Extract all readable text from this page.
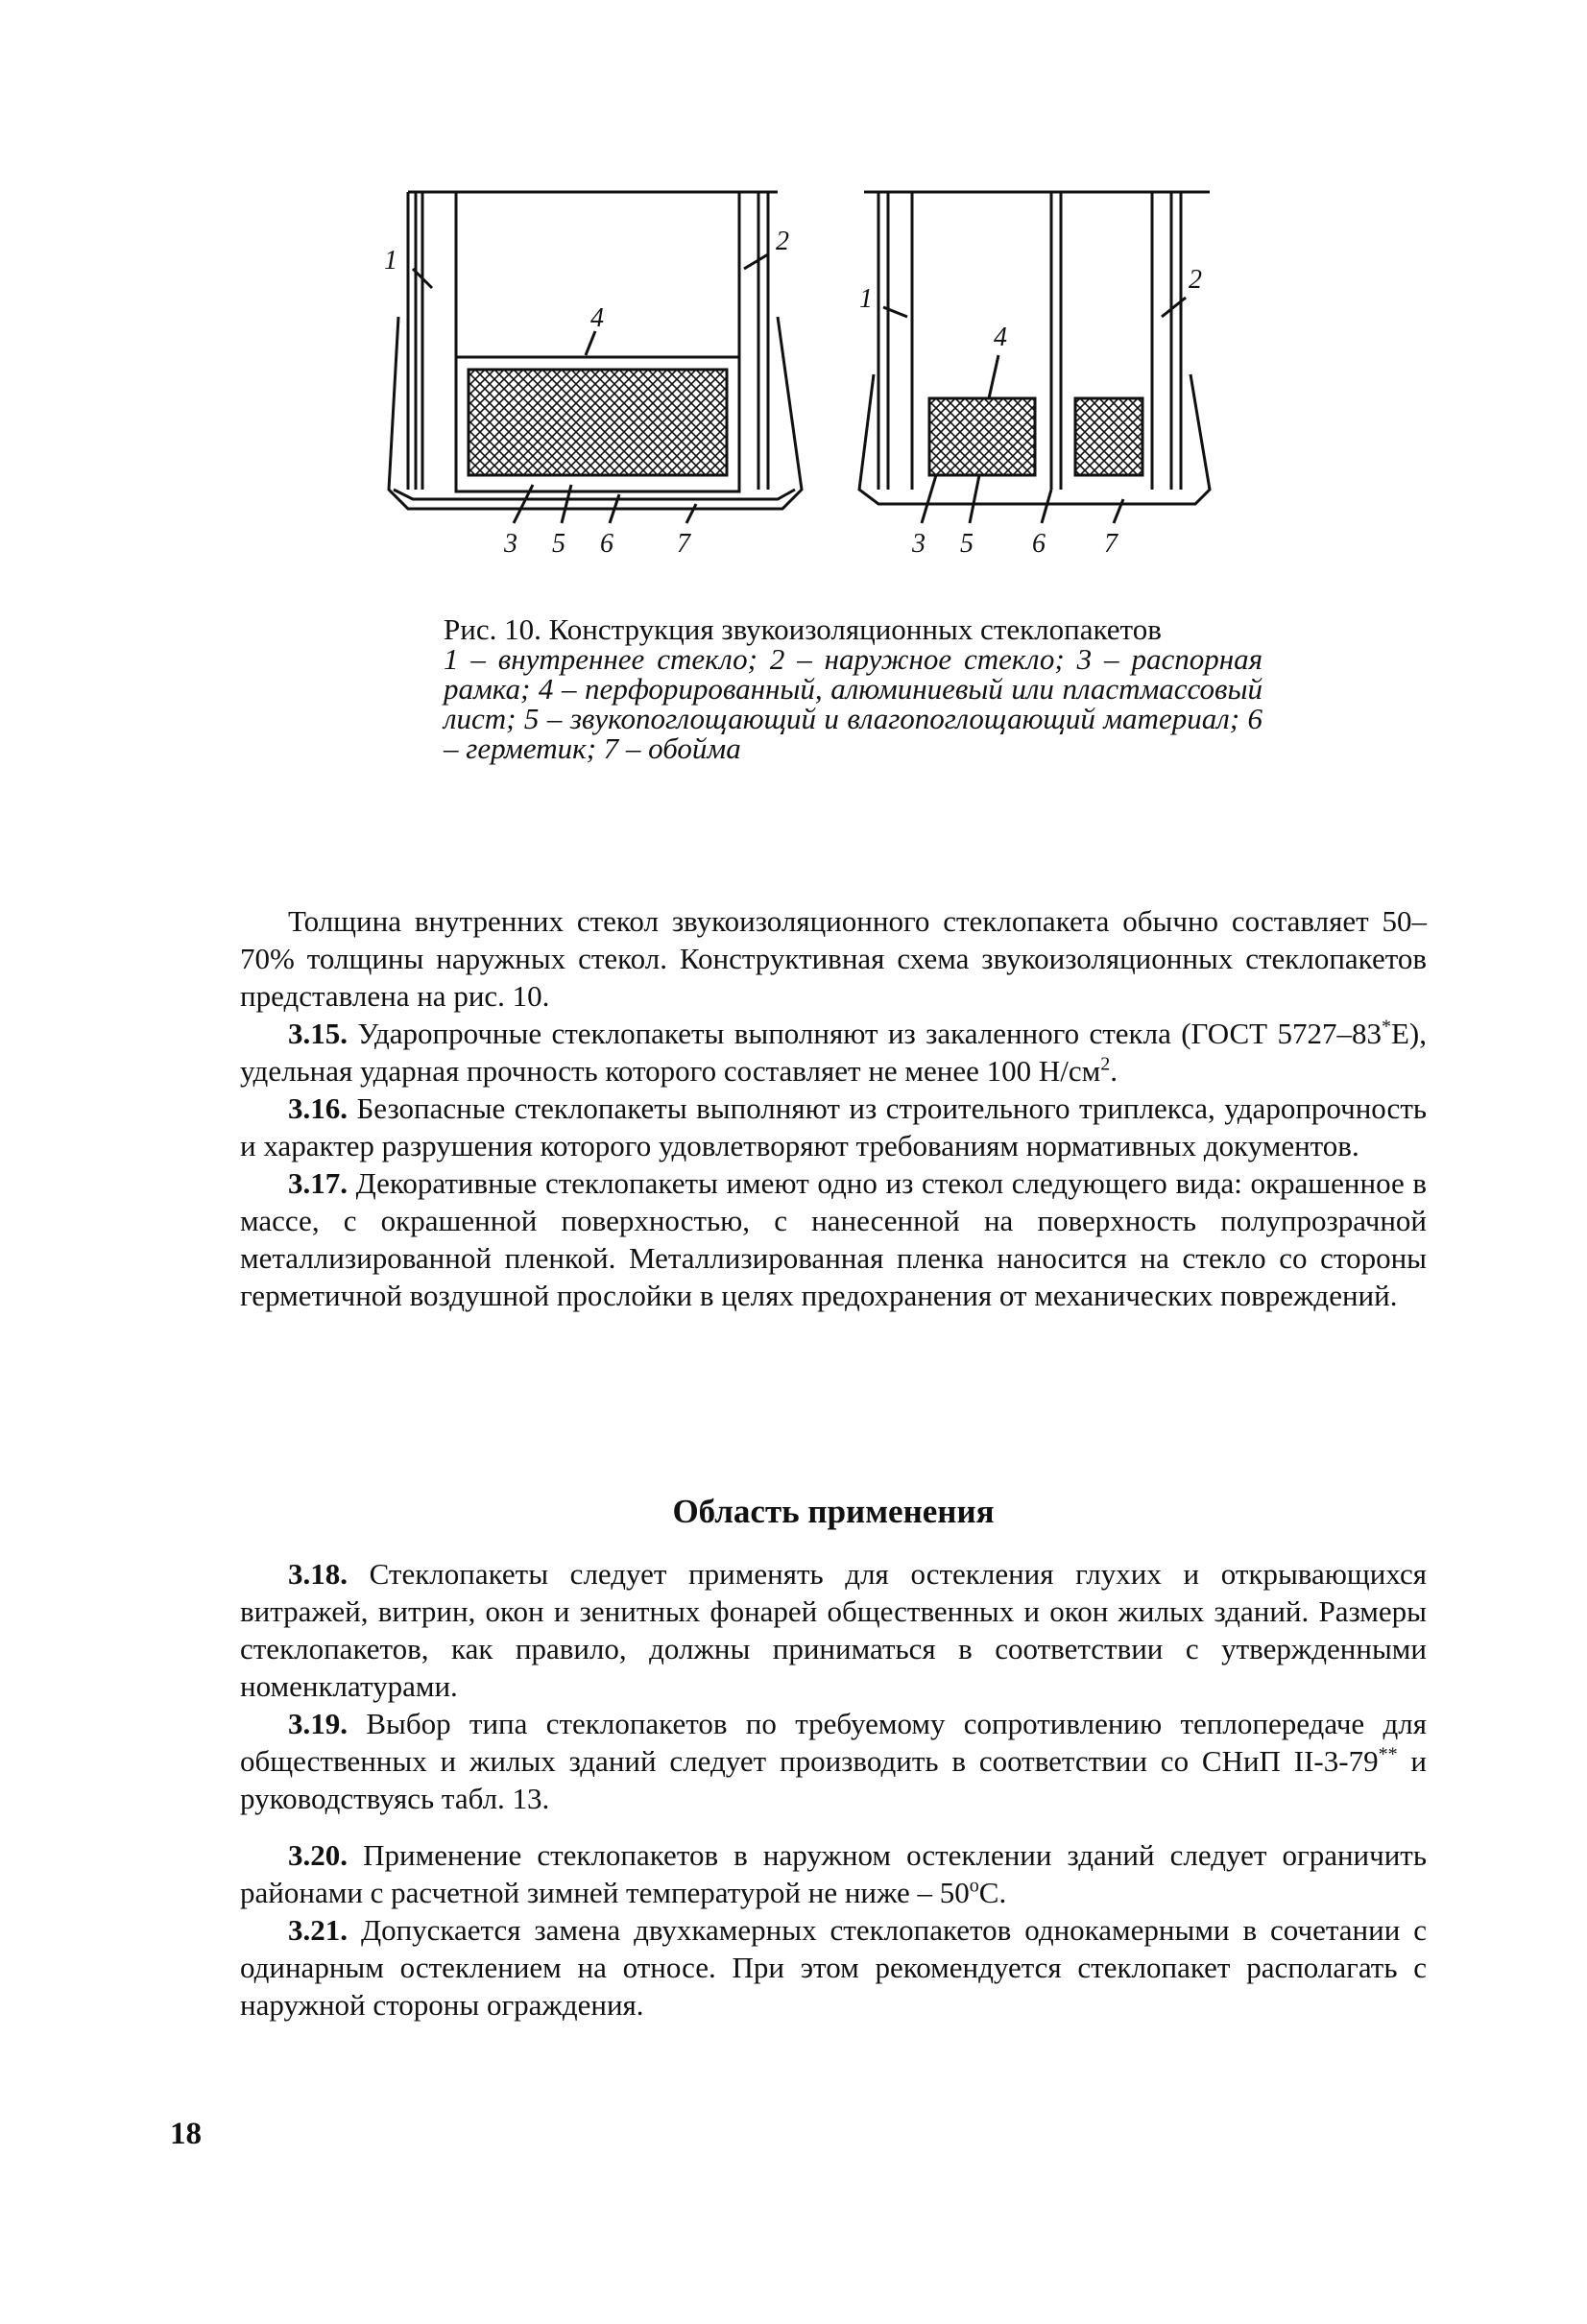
1
2
4
3 5 6 7
1
2
4
3 5 6 7
Рис. 10. Конструкция звукоизоляционных стеклопакетов
1 – внутреннее стекло; 2 – наружное стекло; 3 – распорная рамка; 4 – перфорированный, алюминиевый или пластмассовый лист; 5 – звукопоглощающий и влагопоглощающий материал; 6 – герметик; 7 – обойма

Толщина внутренних стекол звукоизоляционного стеклопакета обычно составляет 50–70% толщины наружных стекол. Конструктивная схема звукоизоляционных стеклопакетов представлена на рис. 10.

3.15. Ударопрочные стеклопакеты выполняют из закаленного стекла (ГОСТ 5727–83*Е), удельная ударная прочность которого составляет не менее 100 $Н/см^2$.

3.16. Безопасные стеклопакеты выполняют из строительного триплекса, ударопрочность и характер разрушения которого удовлетворяют требованиям нормативных документов.

3.17. Декоративные стеклопакеты имеют одно из стекол следующего вида: окрашенное в массе, с окрашенной поверхностью, с нанесенной на поверхность полупрозрачной металлизированной пленкой. Металлизированная пленка наносится на стекло со стороны герметичной воздушной прослойки в целях предохранения от механических повреждений.

Область применения

3.18. Стеклопакеты следует применять для остекления глухих и открывающихся витражей, витрин, окон и зенитных фонарей общественных и окон жилых зданий. Размеры стеклопакетов, как правило, должны приниматься в соответствии с утвержденными номенклатурами.

3.19. Выбор типа стеклопакетов по требуемому сопротивлению теплопередаче для общественных и жилых зданий следует производить в соответствии со СНиП II-3-79** и руководствуясь табл. 13.

3.20. Применение стеклопакетов в наружном остеклении зданий следует ограничить районами с расчетной зимней температурой не ниже – $50^оС$.

3.21. Допускается замена двухкамерных стеклопакетов однокамерными в сочетании с одинарным остеклением на относе. При этом рекомендуется стеклопакет располагать с наружной стороны ограждения.

18
